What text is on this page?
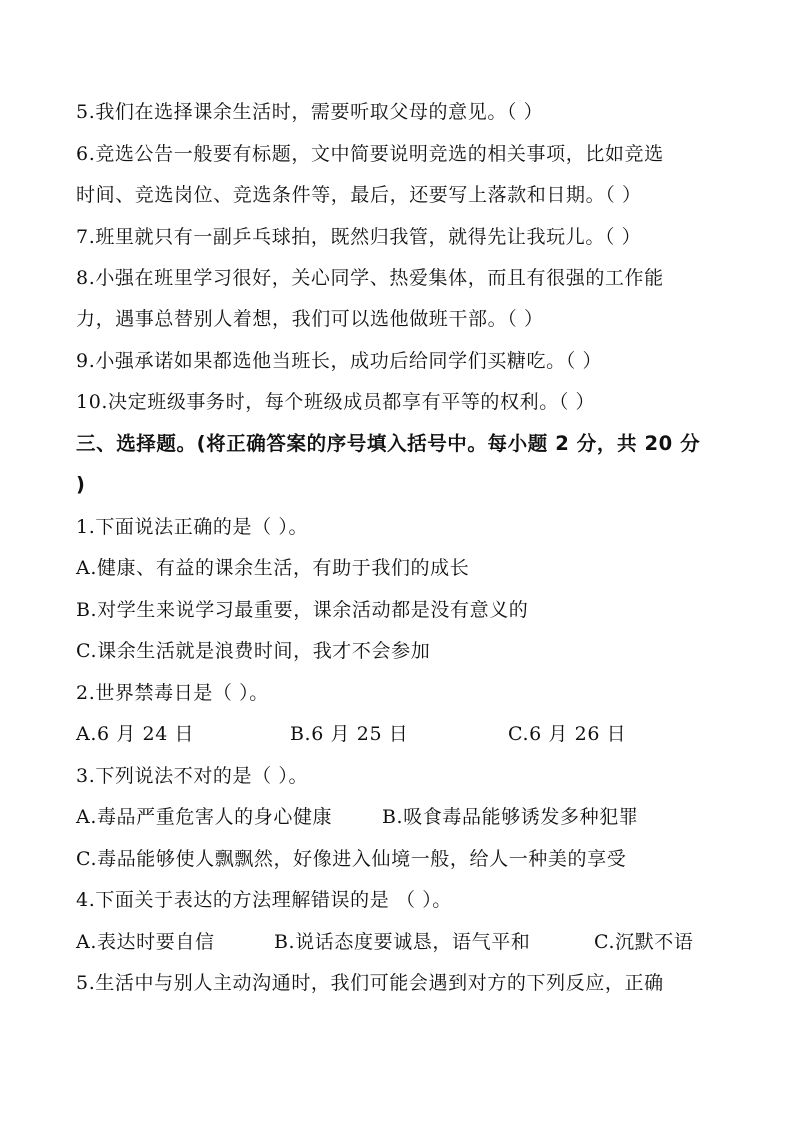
5.我们在选择课余生活时，需要听取父母的意见。（ ）
6.竞选公告一般要有标题，文中简要说明竞选的相关事项，比如竞选
时间、竞选岗位、竞选条件等，最后，还要写上落款和日期。（ ）
7.班里就只有一副乒乓球拍，既然归我管，就得先让我玩儿。（ ）
8.小强在班里学习很好，关心同学、热爱集体，而且有很强的工作能
力，遇事总替别人着想，我们可以选他做班干部。（ ）
9.小强承诺如果都选他当班长，成功后给同学们买糖吃。（ ）
10.决定班级事务时，每个班级成员都享有平等的权利。（ ）
三、选择题。(将正确答案的序号填入括号中。每小题 2 分，共 20 分
)
1.下面说法正确的是（ ）。
A.健康、有益的课余生活，有助于我们的成长
B.对学生来说学习最重要，课余活动都是没有意义的
C.课余生活就是浪费时间，我才不会参加
2.世界禁毒日是（ ）。
A.6 月 24 日	B.6 月 25 日	C.6 月 26 日
3.下列说法不对的是（ ）。
A.毒品严重危害人的身心健康	B.吸食毒品能够诱发多种犯罪
C.毒品能够使人飘飘然，好像进入仙境一般，给人一种美的享受
4.下面关于表达的方法理解错误的是 （ ）。
A.表达时要自信	B.说话态度要诚恳，语气平和	C.沉默不语
5.生活中与别人主动沟通时，我们可能会遇到对方的下列反应，正确
